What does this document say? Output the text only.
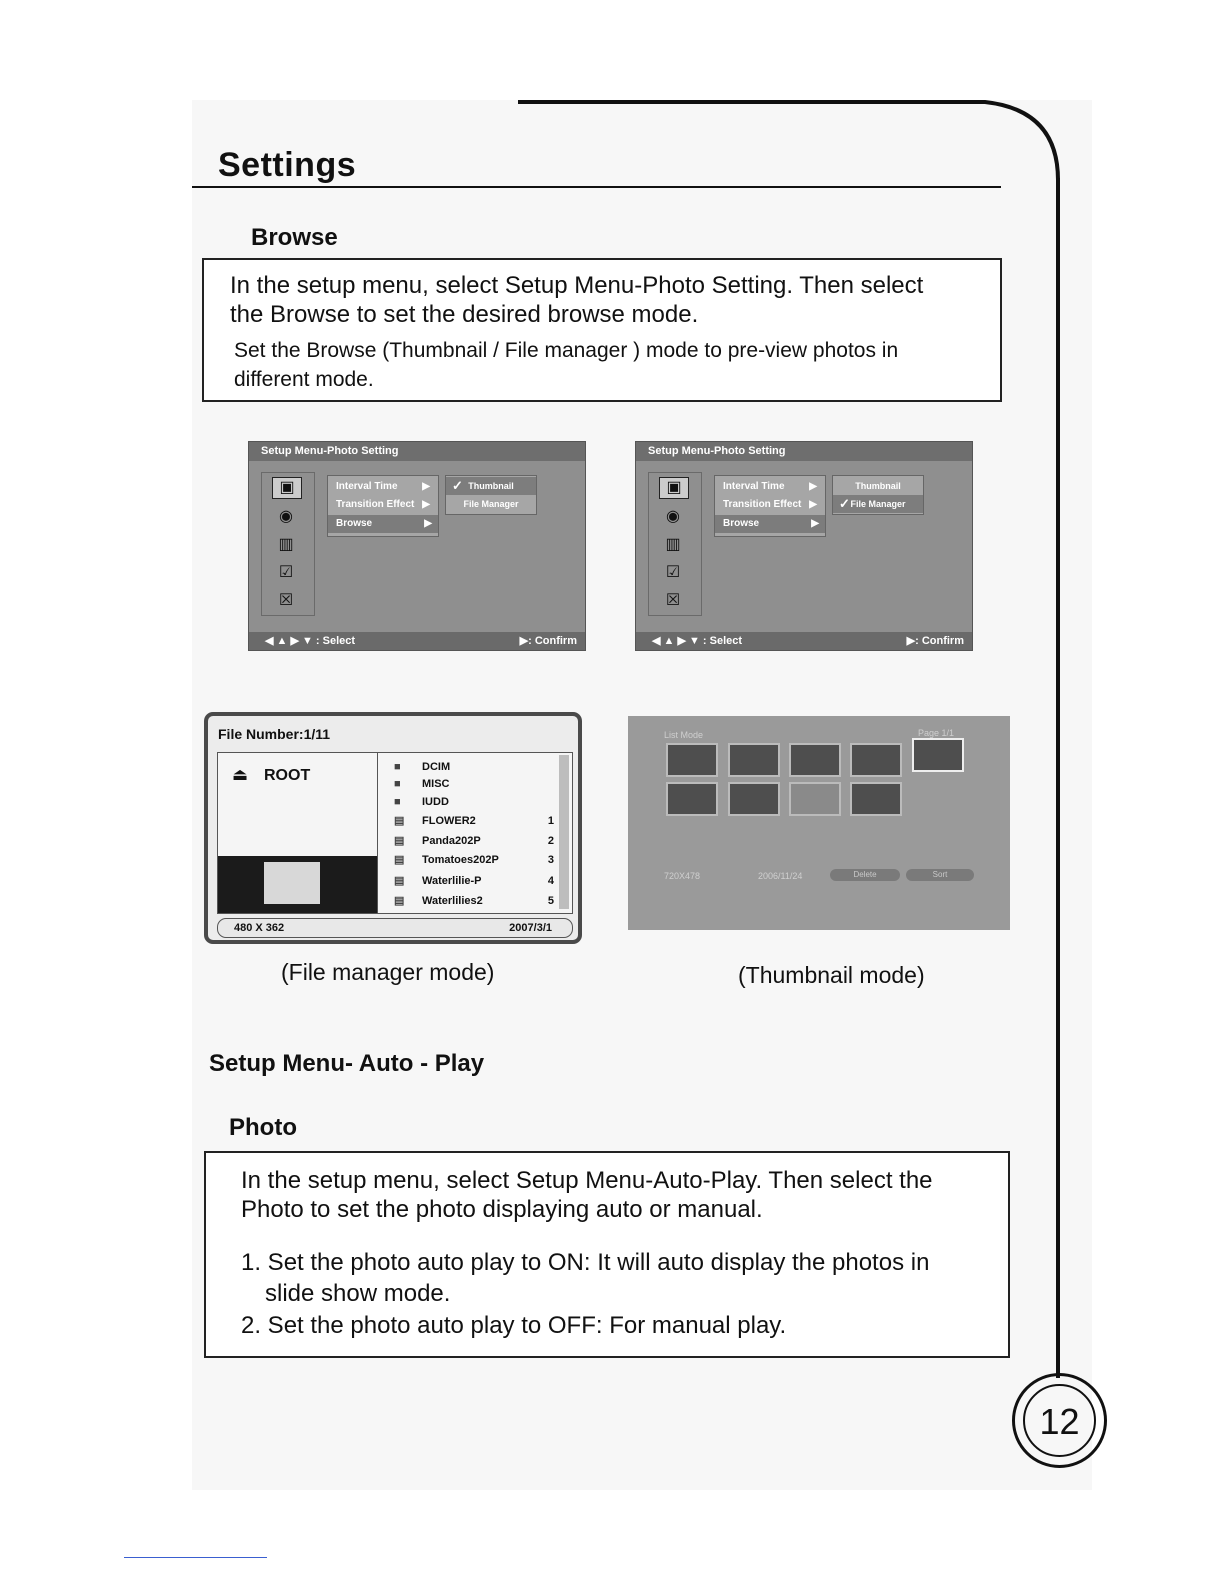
Settings
Browse
In the setup menu, select Setup Menu-Photo Setting. Then select
the Browse to set the desired browse mode.
Set the Browse (Thumbnail / File manager ) mode to pre-view photos in
different mode.
Setup Menu-Photo Setting
▣
◉
▥
☑
☒
Interval Time ▶
Transition Effect ▶
Browse	▶
✓ Thumbnail
File Manager
◀ ▲ ▶ ▼ : Select	▶: Confirm
Setup Menu-Photo Setting
▣
◉
▥
☑
☒
Interval Time ▶
Transition Effect ▶
Browse	▶
Thumbnail
✓ File Manager
◀ ▲ ▶ ▼ : Select	▶: Confirm
File Number:1/11
⏏ ROOT	■ DCIM
■ MISC
■ IUDD
▤ FLOWER2	1
▤ Panda202P	2
▤ Tomatoes202P	3
▤ Waterlilie-P	4
▤ Waterlilies2	5
480 X 362	2007/3/1
List Mode	Page 1/1
720X478	2006/11/24	Delete	Sort
(File manager mode)	(Thumbnail mode)
Setup Menu- Auto - Play
Photo
In the setup menu, select Setup Menu-Auto-Play. Then select the
Photo to set the photo displaying auto or manual.
1. Set the photo auto play to ON: It will auto display the photos in
slide show mode.
2. Set the photo auto play to OFF: For manual play.
12
